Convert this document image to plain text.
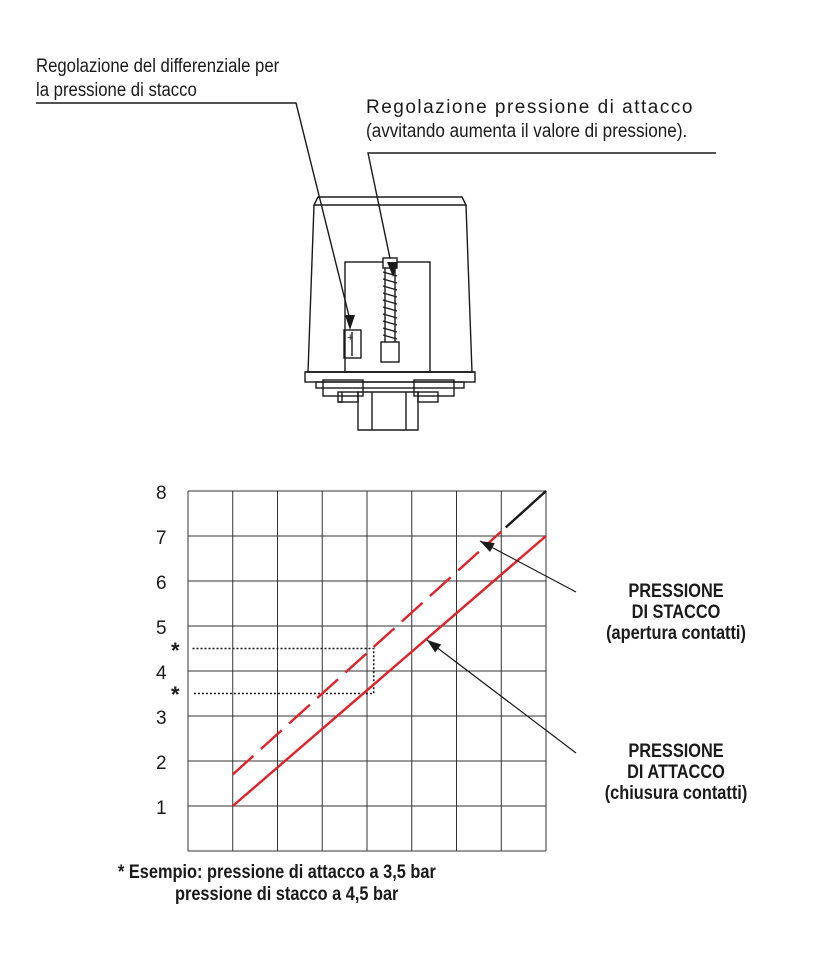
Regolazione del differenziale per
la pressione di stacco
Regolazione pressione di attacco
(avvitando aumenta il valore di pressione).
+
8
7
6
5
4
3
2
1
*
*
PRESSIONE
DI STACCO
(apertura contatti)
PRESSIONE
DI ATTACCO
(chiusura contatti)
* Esempio: pressione di attacco a 3,5 bar
pressione di stacco a 4,5 bar
